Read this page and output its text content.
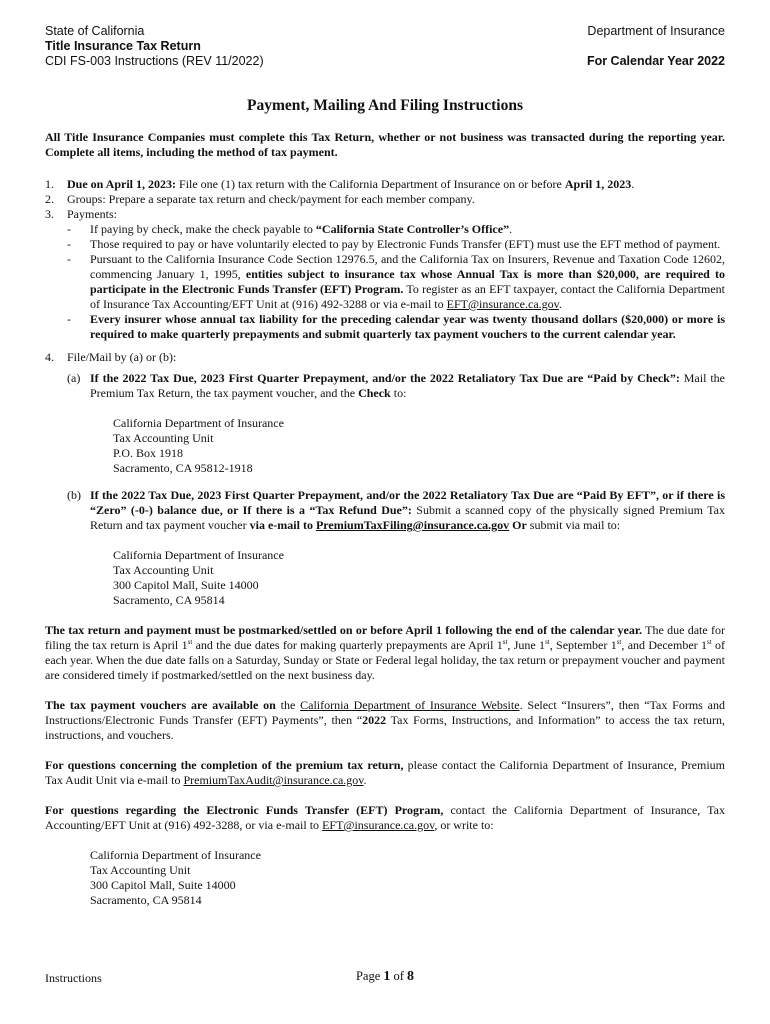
State of California
Title Insurance Tax Return
CDI FS-003 Instructions (REV 11/2022)
Department of Insurance
For Calendar Year 2022
Payment, Mailing And Filing Instructions

All Title Insurance Companies must complete this Tax Return, whether or not business was transacted during the reporting year. Complete all items, including the method of tax payment.

1.	Due on April 1, 2023: File one (1) tax return with the California Department of Insurance on or before April 1, 2023.
2.	Groups: Prepare a separate tax return and check/payment for each member company.
3.	Payments:
-	If paying by check, make the check payable to “California State Controller’s Office”.
-	Those required to pay or have voluntarily elected to pay by Electronic Funds Transfer (EFT) must use the EFT method of payment.
-	Pursuant to the California Insurance Code Section 12976.5, and the California Tax on Insurers, Revenue and Taxation Code 12602, commencing January 1, 1995, entities subject to insurance tax whose Annual Tax is more than $20,000, are required to participate in the Electronic Funds Transfer (EFT) Program. To register as an EFT taxpayer, contact the California Department of Insurance Tax Accounting/EFT Unit at (916) 492-3288 or via e-mail to EFT@insurance.ca.gov.
-	Every insurer whose annual tax liability for the preceding calendar year was twenty thousand dollars ($20,000) or more is required to make quarterly prepayments and submit quarterly tax payment vouchers to the current calendar year.
4.	File/Mail by (a) or (b):
(a) If the 2022 Tax Due, 2023 First Quarter Prepayment, and/or the 2022 Retaliatory Tax Due are “Paid by Check”: Mail the Premium Tax Return, the tax payment voucher, and the Check to:
California Department of Insurance
Tax Accounting Unit
P.O. Box 1918
Sacramento, CA 95812-1918
(b) If the 2022 Tax Due, 2023 First Quarter Prepayment, and/or the 2022 Retaliatory Tax Due are “Paid By EFT”, or if there is “Zero” (-0-) balance due, or If there is a “Tax Refund Due”: Submit a scanned copy of the physically signed Premium Tax Return and tax payment voucher via e-mail to PremiumTaxFiling@insurance.ca.gov Or submit via mail to:
California Department of Insurance
Tax Accounting Unit
300 Capitol Mall, Suite 14000
Sacramento, CA 95814

The tax return and payment must be postmarked/settled on or before April 1 following the end of the calendar year. The due date for filing the tax return is April 1st and the due dates for making quarterly prepayments are April 1st, June 1st, September 1st, and December 1st of each year. When the due date falls on a Saturday, Sunday or State or Federal legal holiday, the tax return or prepayment voucher and payment are considered timely if postmarked/settled on the next business day.

The tax payment vouchers are available on the California Department of Insurance Website. Select “Insurers”, then “Tax Forms and Instructions/Electronic Funds Transfer (EFT) Payments”, then “2022 Tax Forms, Instructions, and Information” to access the tax return, instructions, and vouchers.

For questions concerning the completion of the premium tax return, please contact the California Department of Insurance, Premium Tax Audit Unit via e-mail to PremiumTaxAudit@insurance.ca.gov.

For questions regarding the Electronic Funds Transfer (EFT) Program, contact the California Department of Insurance, Tax Accounting/EFT Unit at (916) 492-3288, or via e-mail to EFT@insurance.ca.gov, or write to:

California Department of Insurance
Tax Accounting Unit
300 Capitol Mall, Suite 14000
Sacramento, CA 95814
Instructions	Page 1 of 8
